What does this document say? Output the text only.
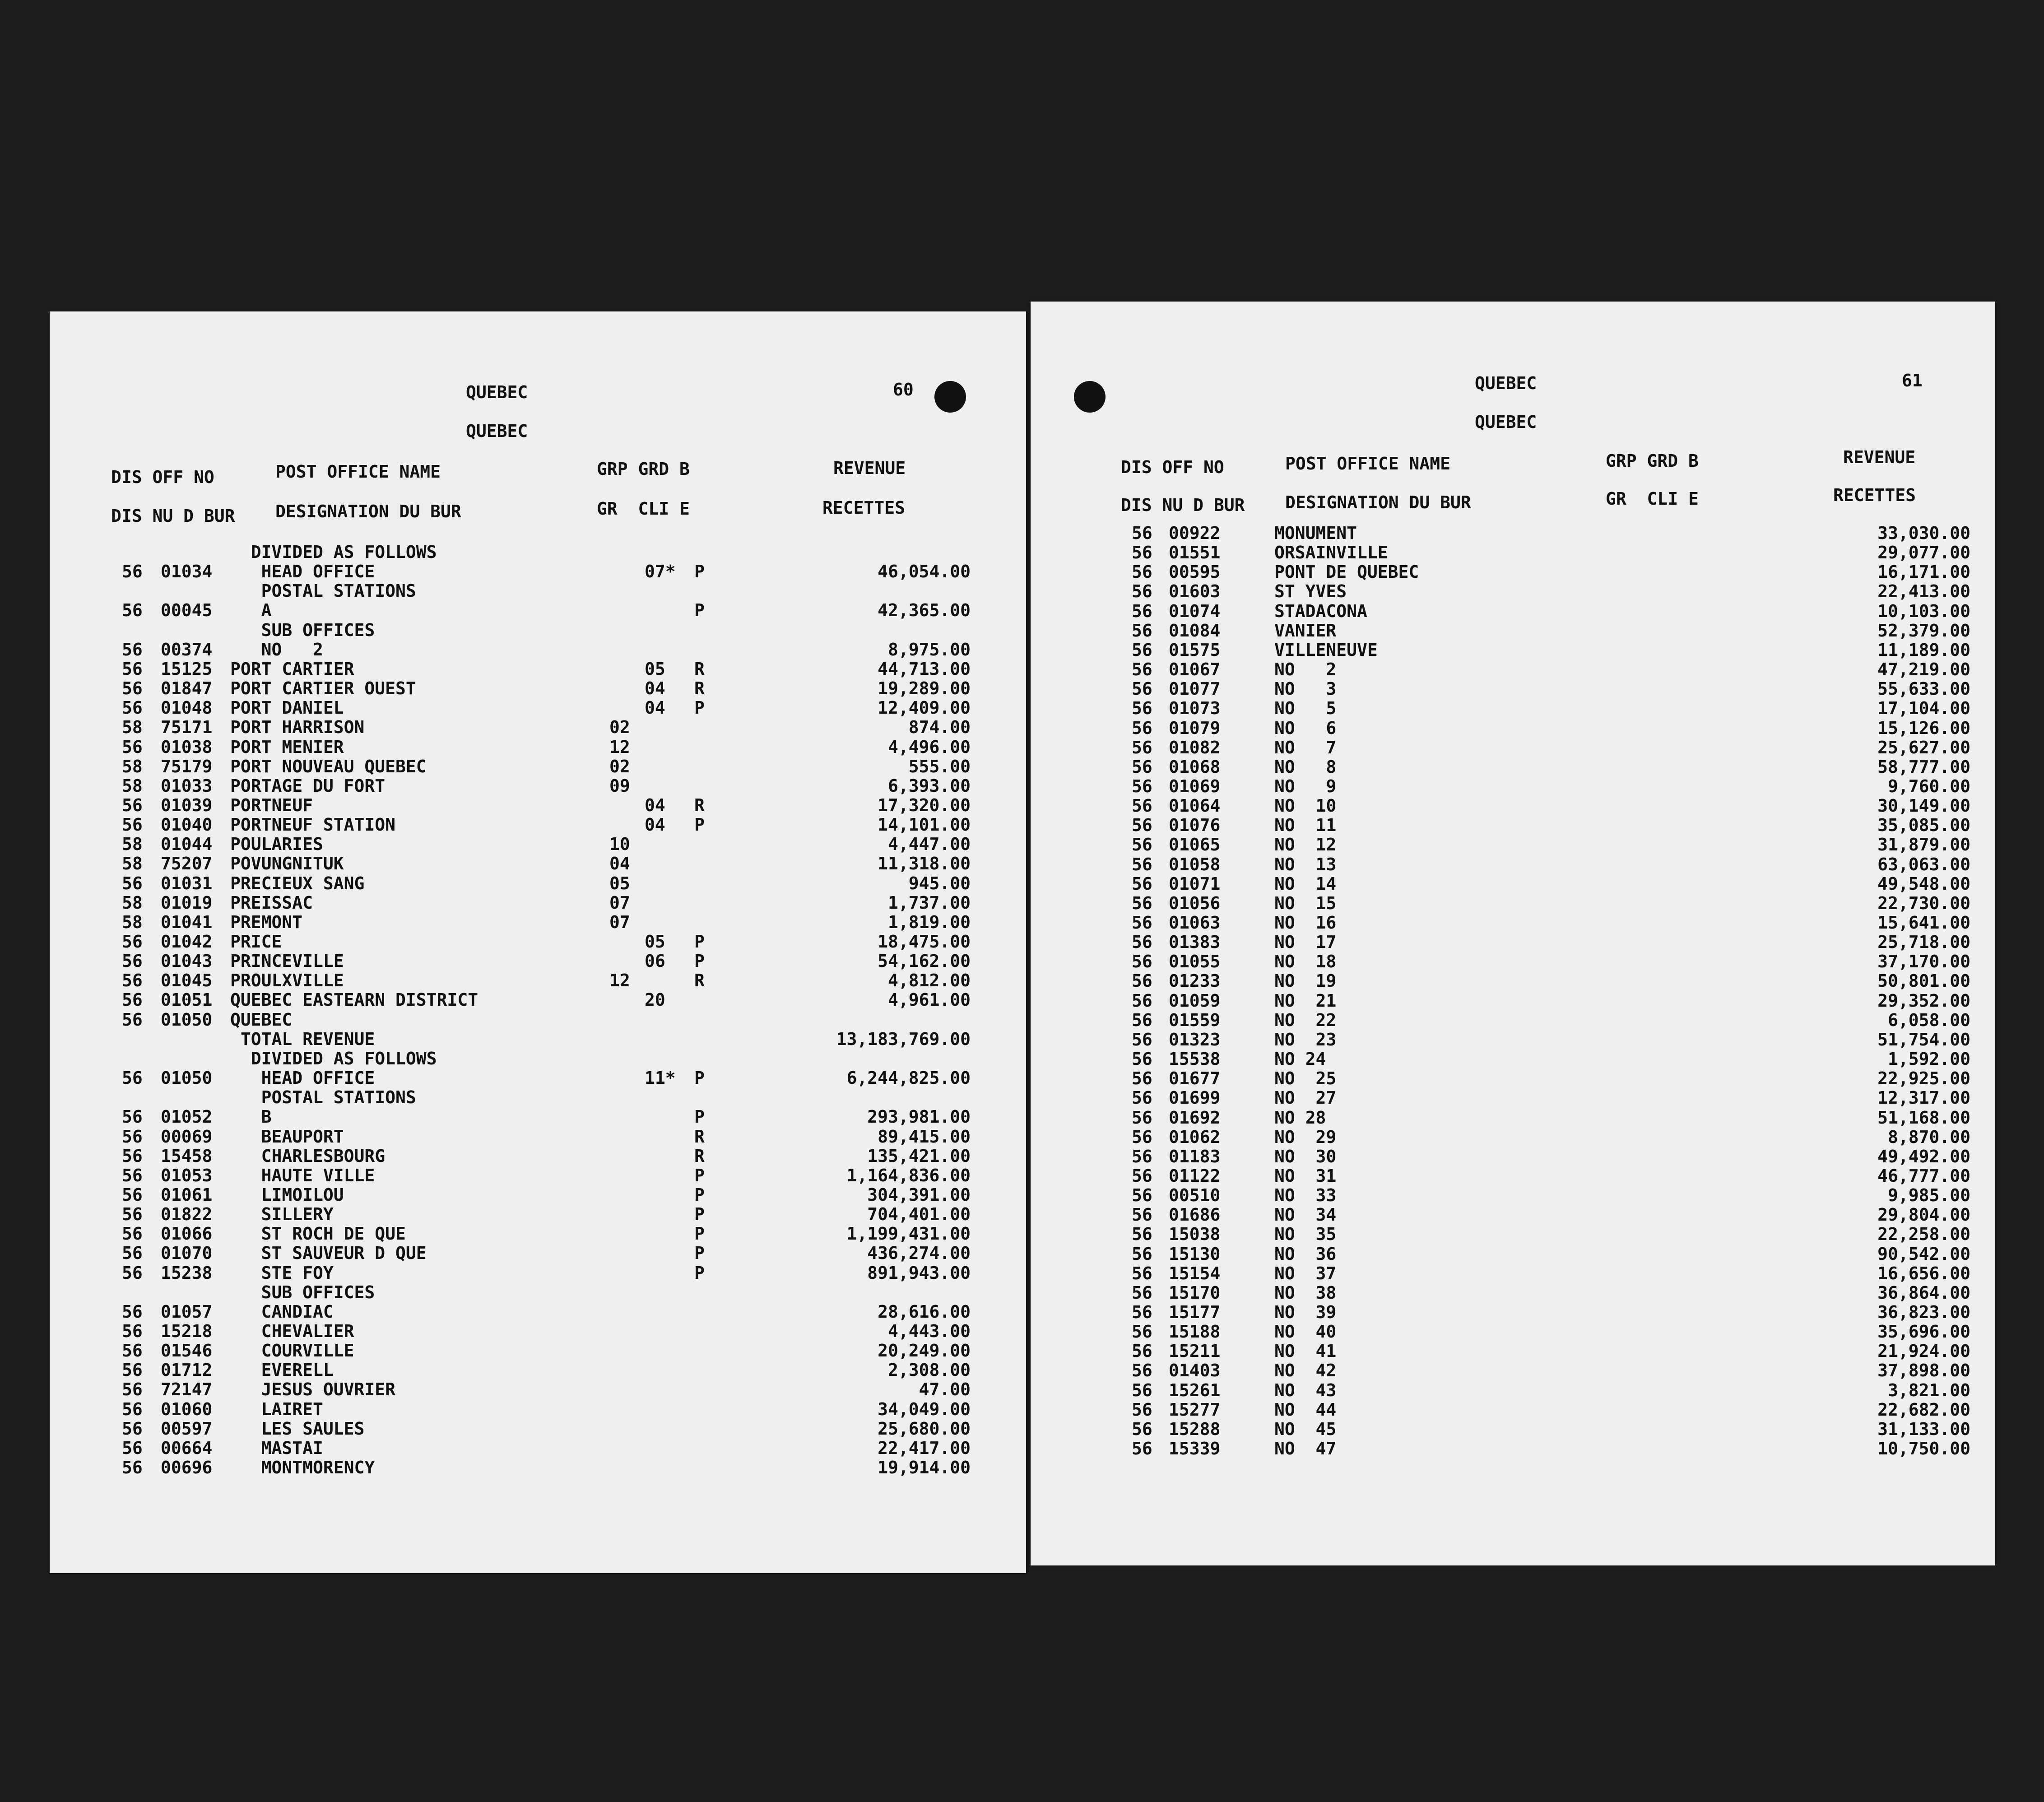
QUEBEC	60
QUEBEC
DIS OFF NO	POST OFFICE NAME	GRP GRD B	REVENUE
DIS NU D BUR DESIGNATION DU BUR	GR  CLI E	RECETTES
DIVIDED AS FOLLOWS
56 01034 HEAD OFFICE	07* P	46,054.00
POSTAL STATIONS
56 00045 A	P	42,365.00
SUB OFFICES
56 00374 NO   2	8,975.00
56 15125 PORT CARTIER	05 R	44,713.00
56 01847 PORT CARTIER OUEST	04 R	19,289.00
56 01048 PORT DANIEL	04 P	12,409.00
58 75171 PORT HARRISON	02	874.00
56 01038 PORT MENIER	12	4,496.00
58 75179 PORT NOUVEAU QUEBEC	02	555.00
58 01033 PORTAGE DU FORT	09	6,393.00
56 01039 PORTNEUF	04 R	17,320.00
56 01040 PORTNEUF STATION	04 P	14,101.00
58 01044 POULARIES	10	4,447.00
58 75207 POVUNGNITUK	04	11,318.00
56 01031 PRECIEUX SANG	05	945.00
58 01019 PREISSAC	07	1,737.00
58 01041 PREMONT	07	1,819.00
56 01042 PRICE	05 P	18,475.00
56 01043 PRINCEVILLE	06 P	54,162.00
56 01045 PROULXVILLE	12	R	4,812.00
56 01051 QUEBEC EASTEARN DISTRICT	20	4,961.00
56 01050 QUEBEC
TOTAL REVENUE	13,183,769.00
DIVIDED AS FOLLOWS
56 01050 HEAD OFFICE	11* P	6,244,825.00
POSTAL STATIONS
56 01052 B	P	293,981.00
56 00069 BEAUPORT	R	89,415.00
56 15458 CHARLESBOURG	R	135,421.00
56 01053 HAUTE VILLE	P	1,164,836.00
56 01061 LIMOILOU	P	304,391.00
56 01822 SILLERY	P	704,401.00
56 01066 ST ROCH DE QUE	P	1,199,431.00
56 01070 ST SAUVEUR D QUE	P	436,274.00
56 15238 STE FOY	P	891,943.00
SUB OFFICES
56 01057 CANDIAC	28,616.00
56 15218 CHEVALIER	4,443.00
56 01546 COURVILLE	20,249.00
56 01712 EVERELL	2,308.00
56 72147 JESUS OUVRIER	47.00
56 01060 LAIRET	34,049.00
56 00597 LES SAULES	25,680.00
56 00664 MASTAI	22,417.00
56 00696 MONTMORENCY	19,914.00
QUEBEC	61
QUEBEC
DIS OFF NO	POST OFFICE NAME	GRP GRD B	REVENUE
DIS NU D BUR DESIGNATION DU BUR	GR  CLI E	RECETTES
56 00922	MONUMENT	33,030.00
56 01551	ORSAINVILLE	29,077.00
56 00595	PONT DE QUEBEC	16,171.00
56 01603	ST YVES	22,413.00
56 01074	STADACONA	10,103.00
56 01084	VANIER	52,379.00
56 01575	VILLENEUVE	11,189.00
56 01067	NO   2	47,219.00
56 01077	NO   3	55,633.00
56 01073	NO   5	17,104.00
56 01079	NO   6	15,126.00
56 01082	NO   7	25,627.00
56 01068	NO   8	58,777.00
56 01069	NO   9	9,760.00
56 01064	NO  10	30,149.00
56 01076	NO  11	35,085.00
56 01065	NO  12	31,879.00
56 01058	NO  13	63,063.00
56 01071	NO  14	49,548.00
56 01056	NO  15	22,730.00
56 01063	NO  16	15,641.00
56 01383	NO  17	25,718.00
56 01055	NO  18	37,170.00
56 01233	NO  19	50,801.00
56 01059	NO  21	29,352.00
56 01559	NO  22	6,058.00
56 01323	NO  23	51,754.00
56 15538	NO 24	1,592.00
56 01677	NO  25	22,925.00
56 01699	NO  27	12,317.00
56 01692	NO 28	51,168.00
56 01062	NO  29	8,870.00
56 01183	NO  30	49,492.00
56 01122	NO  31	46,777.00
56 00510	NO  33	9,985.00
56 01686	NO  34	29,804.00
56 15038	NO  35	22,258.00
56 15130	NO  36	90,542.00
56 15154	NO  37	16,656.00
56 15170	NO  38	36,864.00
56 15177	NO  39	36,823.00
56 15188	NO  40	35,696.00
56 15211	NO  41	21,924.00
56 01403	NO  42	37,898.00
56 15261	NO  43	3,821.00
56 15277	NO  44	22,682.00
56 15288	NO  45	31,133.00
56 15339	NO  47	10,750.00
